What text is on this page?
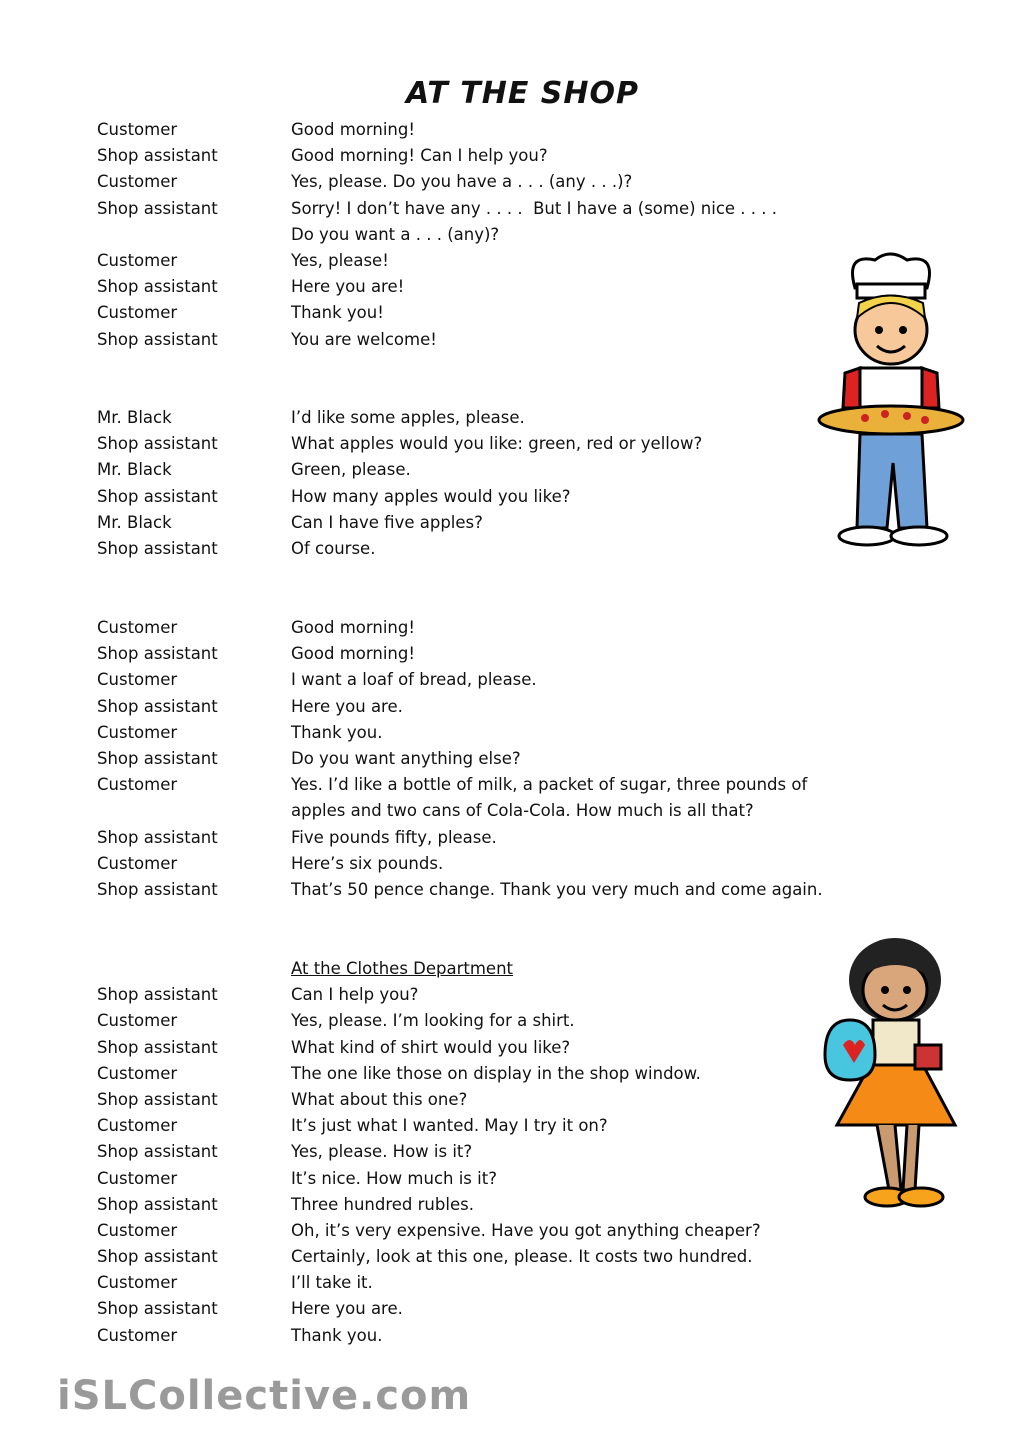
AT THE SHOP
Customer	Good morning!
Shop assistant	Good morning! Can I help you?
Customer	Yes, please. Do you have a . . . (any . . .)?
Shop assistant	Sorry! I don’t have any . . . .  But I have a (some) nice . . . .
Do you want a . . . (any)?
Customer	Yes, please!
Shop assistant	Here you are!
Customer	Thank you!
Shop assistant	You are welcome!
Mr. Black	I’d like some apples, please.
Shop assistant	What apples would you like: green, red or yellow?
Mr. Black	Green, please.
Shop assistant	How many apples would you like?
Mr. Black	Can I have five apples?
Shop assistant	Of course.
Customer	Good morning!
Shop assistant	Good morning!
Customer	I want a loaf of bread, please.
Shop assistant	Here you are.
Customer	Thank you.
Shop assistant	Do you want anything else?
Customer	Yes. I’d like a bottle of milk, a packet of sugar, three pounds of
apples and two cans of Cola-Cola. How much is all that?
Shop assistant	Five pounds fifty, please.
Customer	Here’s six pounds.
Shop assistant	That’s 50 pence change. Thank you very much and come again.
At the Clothes Department
Shop assistant	Can I help you?
Customer	Yes, please. I’m looking for a shirt.
Shop assistant	What kind of shirt would you like?
Customer	The one like those on display in the shop window.
Shop assistant	What about this one?
Customer	It’s just what I wanted. May I try it on?
Shop assistant	Yes, please. How is it?
Customer	It’s nice. How much is it?
Shop assistant	Three hundred rubles.
Customer	Oh, it’s very expensive. Have you got anything cheaper?
Shop assistant	Certainly, look at this one, please. It costs two hundred.
Customer	I’ll take it.
Shop assistant	Here you are.
Customer	Thank you.
iSLCollective.com
